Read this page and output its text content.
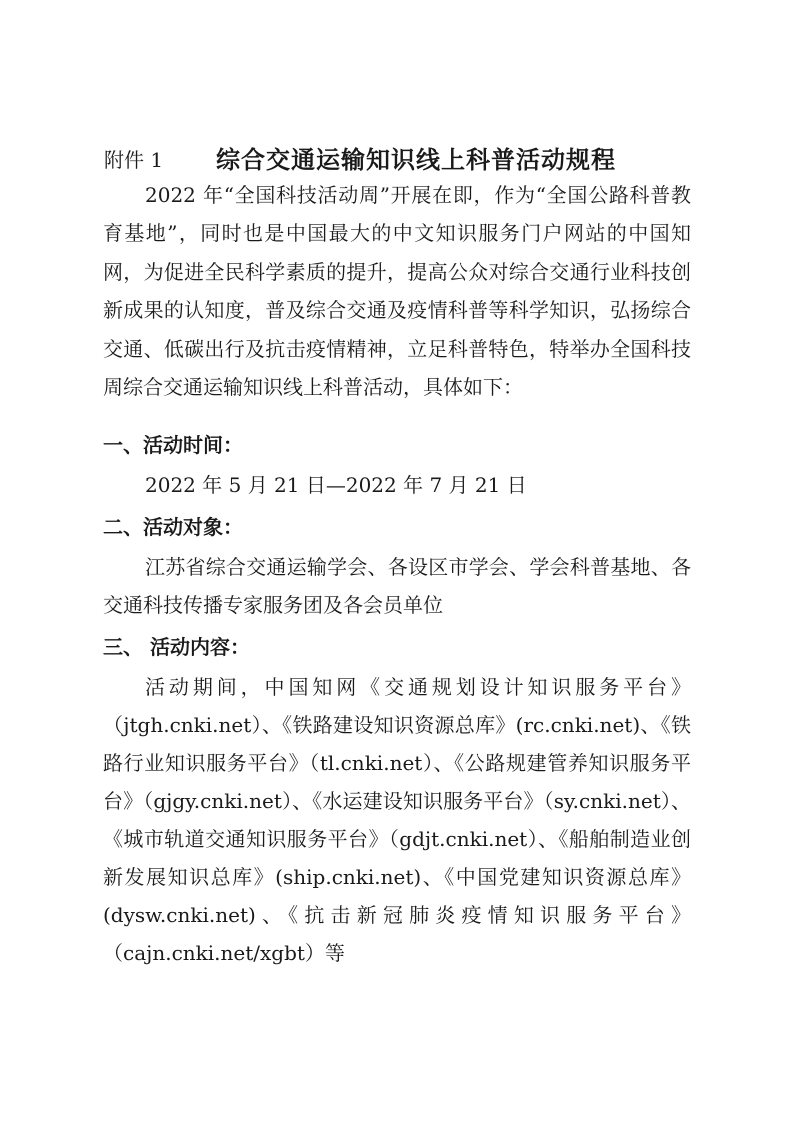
附件 1 综合交通运输知识线上科普活动规程

2022 年“全国科技活动周”开展在即，作为“全国公路科普教育基地”，同时也是中国最大的中文知识服务门户网站的中国知网，为促进全民科学素质的提升，提高公众对综合交通行业科技创新成果的认知度，普及综合交通及疫情科普等科学知识，弘扬综合交通、低碳出行及抗击疫情精神，立足科普特色，特举办全国科技周综合交通运输知识线上科普活动，具体如下：

一、活动时间：

2022 年 5 月 21 日—2022 年 7 月 21 日

二、活动对象：

江苏省综合交通运输学会、各设区市学会、学会科普基地、各交通科技传播专家服务团及各会员单位

三、 活动内容：

活动期间，中国知网《交通规划设计知识服务平台》（jtgh.cnki.net）、《铁路建设知识资源总库》(rc.cnki.net)、《铁路行业知识服务平台》（tl.cnki.net）、《公路规建管养知识服务平台》（gjgy.cnki.net）、《水运建设知识服务平台》（sy.cnki.net）、《城市轨道交通知识服务平台》（gdjt.cnki.net）、《船舶制造业创新发展知识总库》(ship.cnki.net)、《中国党建知识资源总库》(dysw.cnki.net)、《抗击新冠肺炎疫情知识服务平台》（cajn.cnki.net/xgbt）等
